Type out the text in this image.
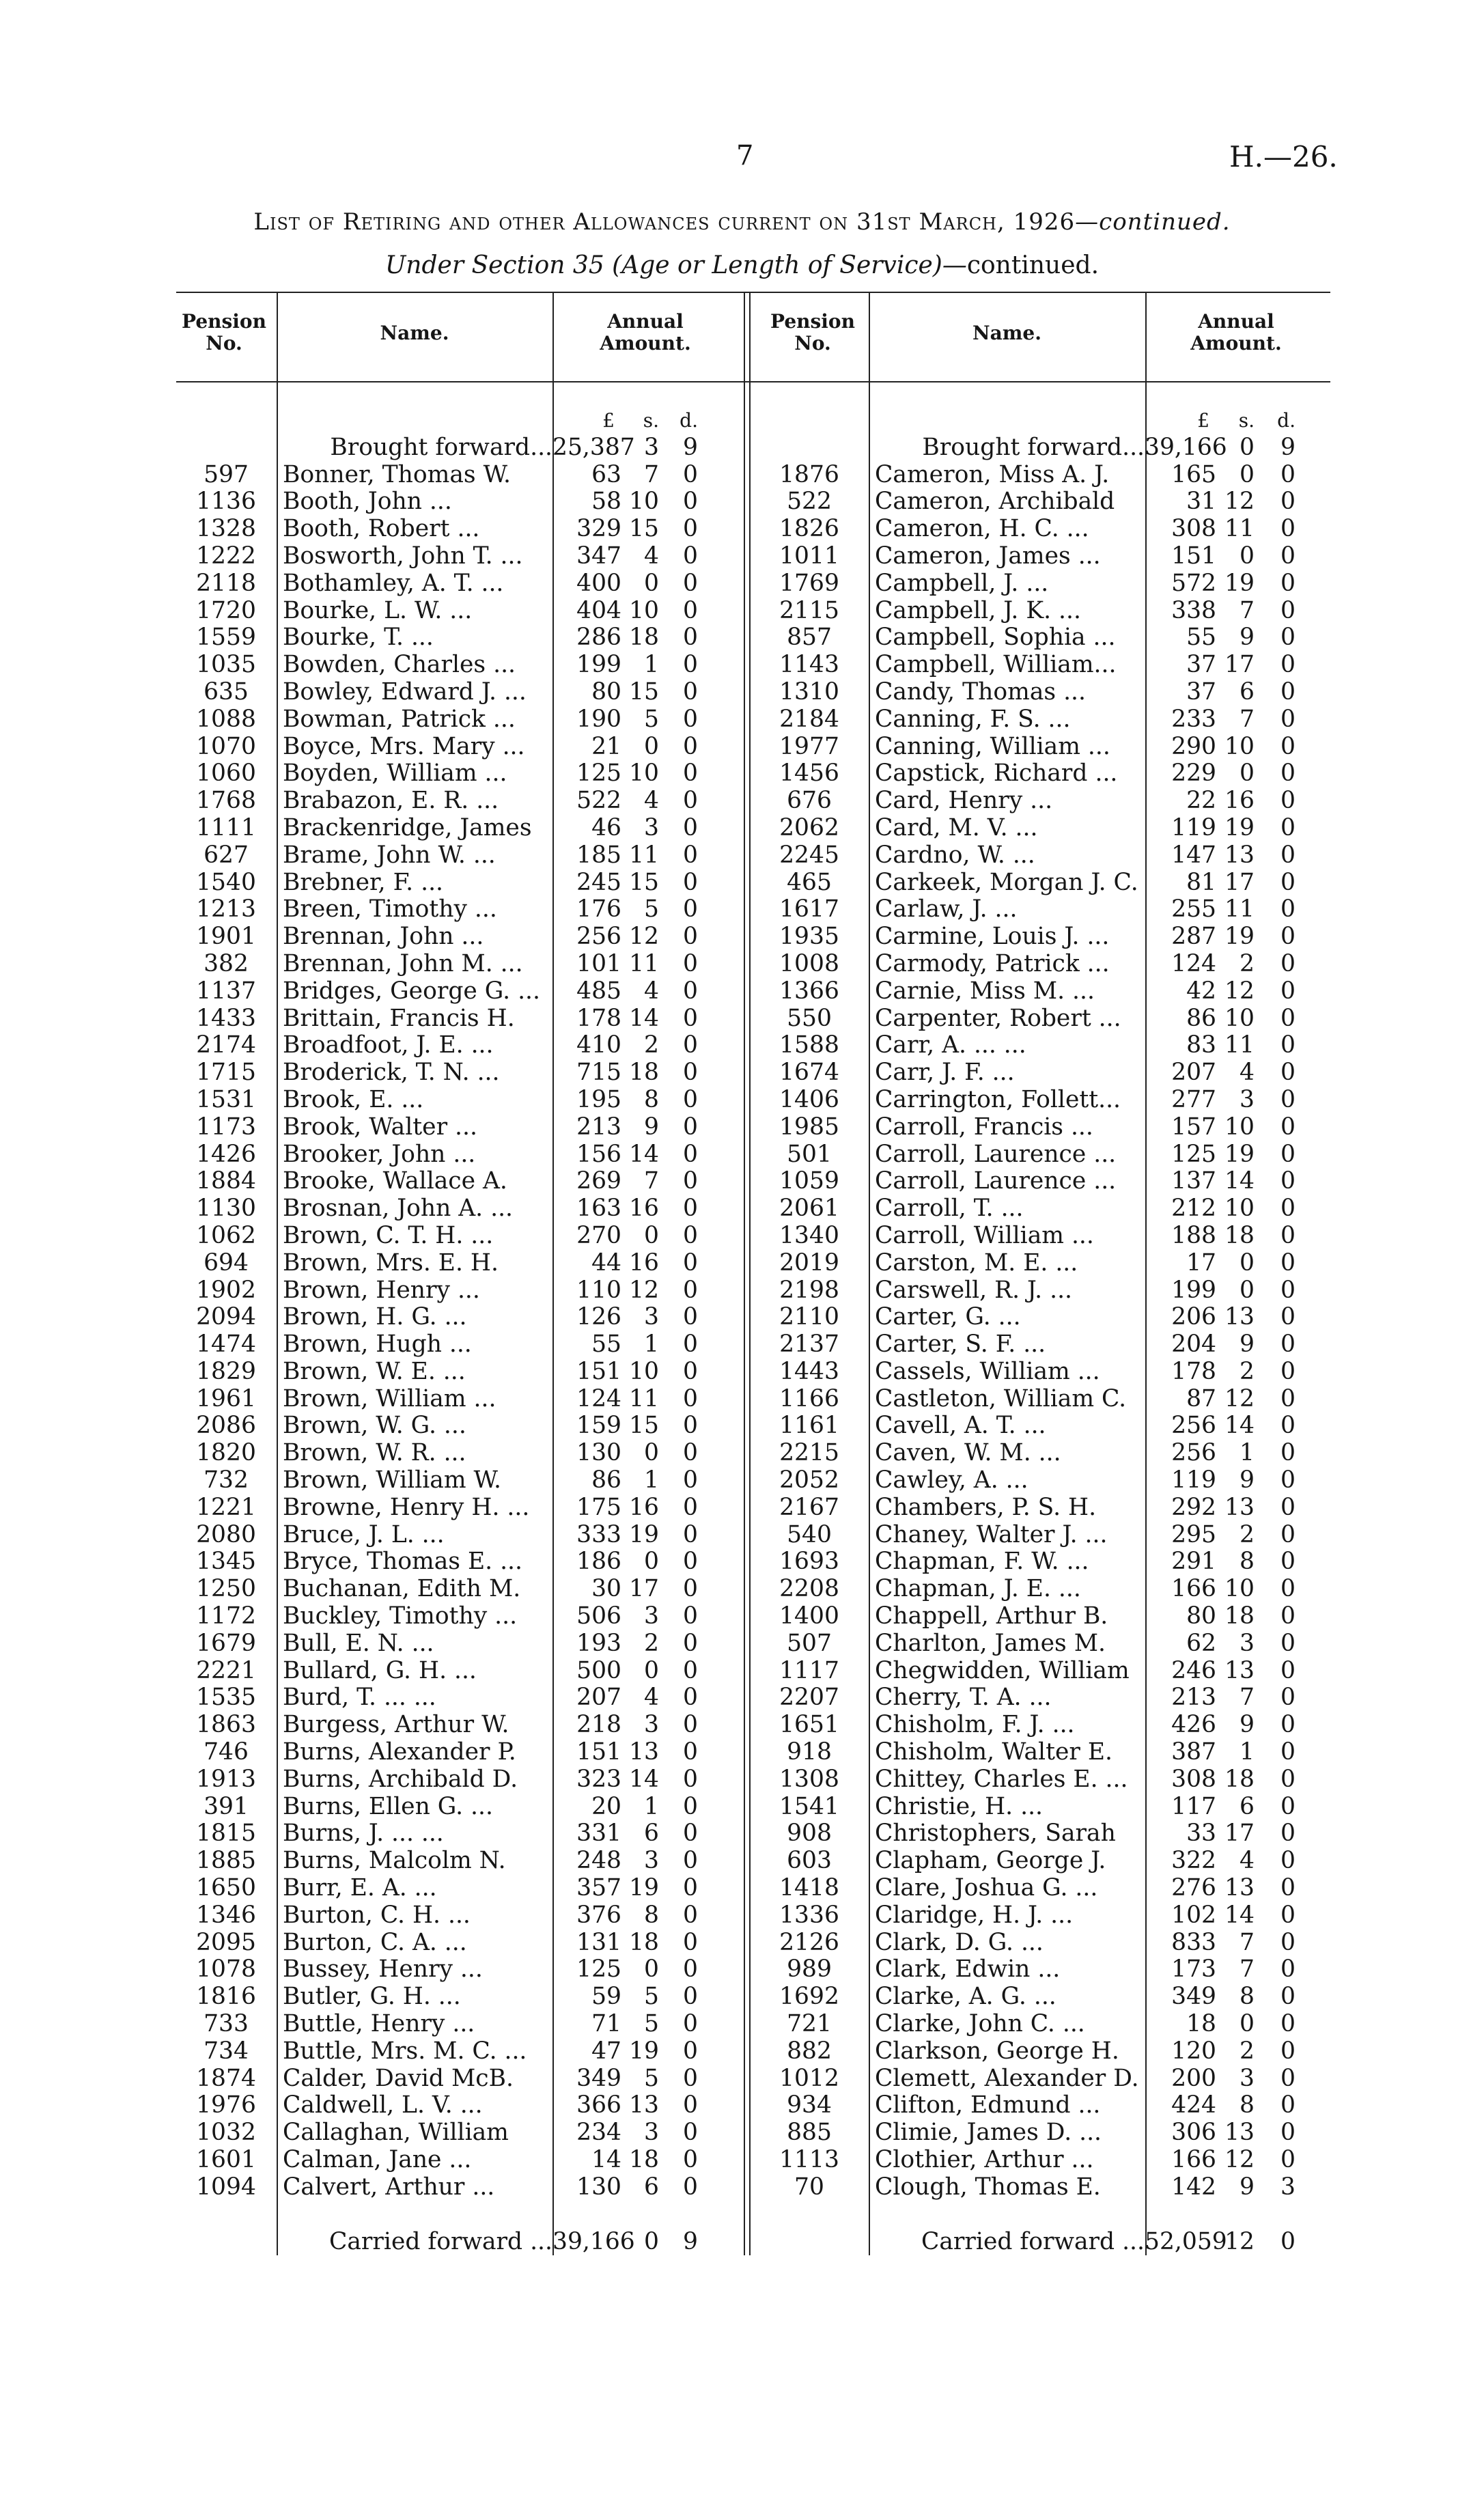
7	H.—26.
List of Retiring and other Allowances current on 31st March, 1926—continued.
Under Section 35 (Age or Length of Service)—continued.
Pension No.	Name.
Annual Amount.
Pension No.	Name.
Annual Amount.
		£	s.	d.	
	Brought forward...	25,387	3	9	
597	Bonner, Thomas W.	63	7	0	
1136	Booth, John ...	58	10	0	
1328	Booth, Robert ...	329	15	0	
1222	Bosworth, John T. ...	347	4	0	
2118	Bothamley, A. T. ...	400	0	0	
1720	Bourke, L. W. ...	404	10	0	
1559	Bourke, T. ...	286	18	0	
1035	Bowden, Charles ...	199	1	0	
635	Bowley, Edward J. ...	80	15	0	
1088	Bowman, Patrick ...	190	5	0	
1070	Boyce, Mrs. Mary ...	21	0	0	
1060	Boyden, William ...	125	10	0	
1768	Brabazon, E. R. ...	522	4	0	
1111	Brackenridge, James	46	3	0	
627	Brame, John W. ...	185	11	0	
1540	Brebner, F. ...	245	15	0	
1213	Breen, Timothy ...	176	5	0	
1901	Brennan, John ...	256	12	0	
382	Brennan, John M. ...	101	11	0	
1137	Bridges, George G. ...	485	4	0	
1433	Brittain, Francis H.	178	14	0	
2174	Broadfoot, J. E. ...	410	2	0	
1715	Broderick, T. N. ...	715	18	0	
1531	Brook, E. ...	195	8	0	
1173	Brook, Walter ...	213	9	0	
1426	Brooker, John ...	156	14	0	
1884	Brooke, Wallace A.	269	7	0	
1130	Brosnan, John A. ...	163	16	0	
1062	Brown, C. T. H. ...	270	0	0	
694	Brown, Mrs. E. H.	44	16	0	
1902	Brown, Henry ...	110	12	0	
2094	Brown, H. G. ...	126	3	0	
1474	Brown, Hugh ...	55	1	0	
1829	Brown, W. E. ...	151	10	0	
1961	Brown, William ...	124	11	0	
2086	Brown, W. G. ...	159	15	0	
1820	Brown, W. R. ...	130	0	0	
732	Brown, William W.	86	1	0	
1221	Browne, Henry H. ...	175	16	0	
2080	Bruce, J. L. ...	333	19	0	
1345	Bryce, Thomas E. ...	186	0	0	
1250	Buchanan, Edith M.	30	17	0	
1172	Buckley, Timothy ...	506	3	0	
1679	Bull, E. N. ...	193	2	0	
2221	Bullard, G. H. ...	500	0	0	
1535	Burd, T. ... ...	207	4	0	
1863	Burgess, Arthur W.	218	3	0	
746	Burns, Alexander P.	151	13	0	
1913	Burns, Archibald D.	323	14	0	
391	Burns, Ellen G. ...	20	1	0	
1815	Burns, J. ... ...	331	6	0	
1885	Burns, Malcolm N.	248	3	0	
1650	Burr, E. A. ...	357	19	0	
1346	Burton, C. H. ...	376	8	0	
2095	Burton, C. A. ...	131	18	0	
1078	Bussey, Henry ...	125	0	0	
1816	Butler, G. H. ...	59	5	0	
733	Buttle, Henry ...	71	5	0	
734	Buttle, Mrs. M. C. ...	47	19	0	
1874	Calder, David McB.	349	5	0	
1976	Caldwell, L. V. ...	366	13	0	
1032	Callaghan, William	234	3	0	
1601	Calman, Jane ...	14	18	0	
1094	Calvert, Arthur ...	130	6	0	
	Carried forward ...	39,166	0	9	
		£	s.	d.	
	Brought forward...	39,166	0	9	
1876	Cameron, Miss A. J.	165	0	0	
522	Cameron, Archibald	31	12	0	
1826	Cameron, H. C. ...	308	11	0	
1011	Cameron, James ...	151	0	0	
1769	Campbell, J. ...	572	19	0	
2115	Campbell, J. K. ...	338	7	0	
857	Campbell, Sophia ...	55	9	0	
1143	Campbell, William...	37	17	0	
1310	Candy, Thomas ...	37	6	0	
2184	Canning, F. S. ...	233	7	0	
1977	Canning, William ...	290	10	0	
1456	Capstick, Richard ...	229	0	0	
676	Card, Henry ...	22	16	0	
2062	Card, M. V. ...	119	19	0	
2245	Cardno, W. ...	147	13	0	
465	Carkeek, Morgan J. C.	81	17	0	
1617	Carlaw, J. ...	255	11	0	
1935	Carmine, Louis J. ...	287	19	0	
1008	Carmody, Patrick ...	124	2	0	
1366	Carnie, Miss M. ...	42	12	0	
550	Carpenter, Robert ...	86	10	0	
1588	Carr, A. ... ...	83	11	0	
1674	Carr, J. F. ...	207	4	0	
1406	Carrington, Follett...	277	3	0	
1985	Carroll, Francis ...	157	10	0	
501	Carroll, Laurence ...	125	19	0	
1059	Carroll, Laurence ...	137	14	0	
2061	Carroll, T. ...	212	10	0	
1340	Carroll, William ...	188	18	0	
2019	Carston, M. E. ...	17	0	0	
2198	Carswell, R. J. ...	199	0	0	
2110	Carter, G. ...	206	13	0	
2137	Carter, S. F. ...	204	9	0	
1443	Cassels, William ...	178	2	0	
1166	Castleton, William C.	87	12	0	
1161	Cavell, A. T. ...	256	14	0	
2215	Caven, W. M. ...	256	1	0	
2052	Cawley, A. ...	119	9	0	
2167	Chambers, P. S. H.	292	13	0	
540	Chaney, Walter J. ...	295	2	0	
1693	Chapman, F. W. ...	291	8	0	
2208	Chapman, J. E. ...	166	10	0	
1400	Chappell, Arthur B.	80	18	0	
507	Charlton, James M.	62	3	0	
1117	Chegwidden, William	246	13	0	
2207	Cherry, T. A. ...	213	7	0	
1651	Chisholm, F. J. ...	426	9	0	
918	Chisholm, Walter E.	387	1	0	
1308	Chittey, Charles E. ...	308	18	0	
1541	Christie, H. ...	117	6	0	
908	Christophers, Sarah	33	17	0	
603	Clapham, George J.	322	4	0	
1418	Clare, Joshua G. ...	276	13	0	
1336	Claridge, H. J. ...	102	14	0	
2126	Clark, D. G. ...	833	7	0	
989	Clark, Edwin ...	173	7	0	
1692	Clarke, A. G. ...	349	8	0	
721	Clarke, John C. ...	18	0	0	
882	Clarkson, George H.	120	2	0	
1012	Clemett, Alexander D.	200	3	0	
934	Clifton, Edmund ...	424	8	0	
885	Climie, James D. ...	306	13	0	
1113	Clothier, Arthur ...	166	12	0	
70	Clough, Thomas E.	142	9	3	
	Carried forward ...	52,059	12	0	
